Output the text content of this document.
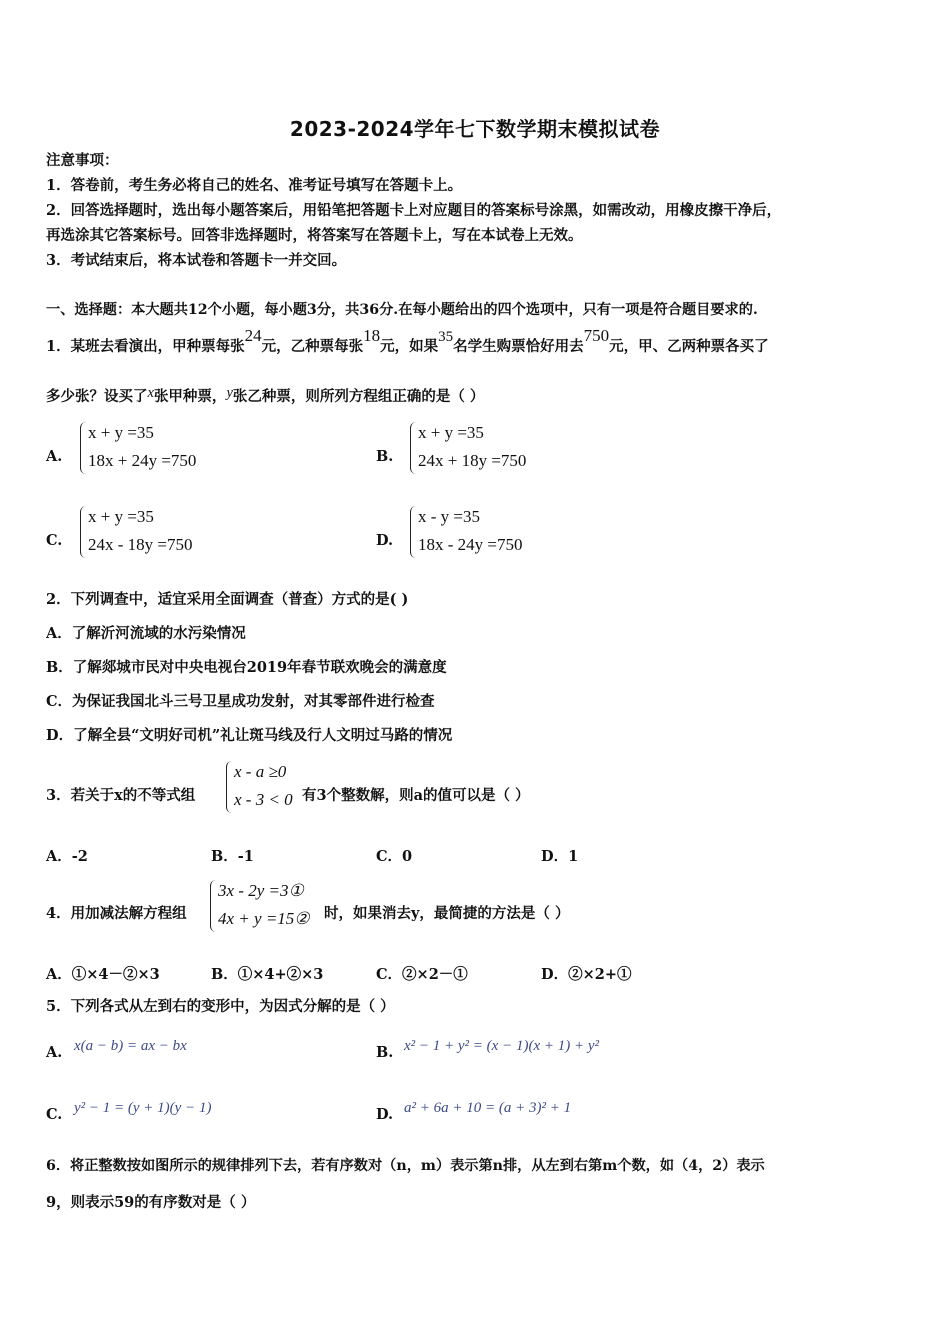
2023-2024学年七下数学期末模拟试卷
注意事项：
1．答卷前，考生务必将自己的姓名、准考证号填写在答题卡上。
2．回答选择题时，选出每小题答案后，用铅笔把答题卡上对应题目的答案标号涂黑，如需改动，用橡皮擦干净后，
再选涂其它答案标号。回答非选择题时，将答案写在答题卡上，写在本试卷上无效。
3．考试结束后，将本试卷和答题卡一并交回。
一、选择题：本大题共12个小题，每小题3分，共36分.在每小题给出的四个选项中，只有一项是符合题目要求的.
1．某班去看演出，甲种票每张24元，乙种票每张18元，如果35名学生购票恰好用去750元，甲、乙两种票各买了
多少张？设买了x张甲种票，y张乙种票，则所列方程组正确的是（ ）
A.
x + y =35
18x + 24y =750	B.
x + y =35
24x + 18y =750
C.
x + y =35
24x - 18y =750	D.
x - y =35
18x - 24y =750
2．下列调查中，适宜采用全面调查（普查）方式的是( )
A．了解沂河流域的水污染情况
B．了解郯城市民对中央电视台2019年春节联欢晚会的满意度
C．为保证我国北斗三号卫星成功发射，对其零部件进行检查
D．了解全县“文明好司机”礼让斑马线及行人文明过马路的情况
3．若关于x的不等式组
x - a ≥0
x - 3 < 0 有3个整数解，则a的值可以是（ ）
A．-2	B．-1	C．0	D．1
4．用加减法解方程组
3x - 2y =3①
4x + y =15② 时，如果消去y，最简捷的方法是（ ）
A．①×4－②×3	B．①×4+②×3	C．②×2－①	D．②×2+①
5．下列各式从左到右的变形中，为因式分解的是（ ）
A. x(a − b) = ax − bx	B. x² − 1 + y² = (x − 1)(x + 1) + y²
C. y² − 1 = (y + 1)(y − 1)	D. a² + 6a + 10 = (a + 3)² + 1
6．将正整数按如图所示的规律排列下去，若有序数对（n，m）表示第n排，从左到右第m个数，如（4，2）表示
9，则表示59的有序数对是（ ）
